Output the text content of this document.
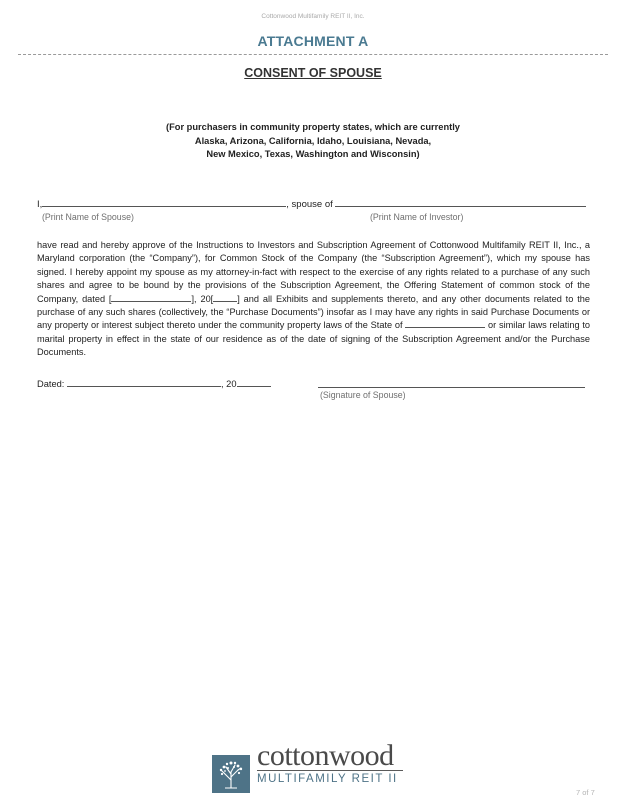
Cottonwood Multifamily REIT II, Inc.
ATTACHMENT A
CONSENT OF SPOUSE
(For purchasers in community property states, which are currently
Alaska, Arizona, California, Idaho, Louisiana, Nevada,
New Mexico, Texas, Washington and Wisconsin)
I,	, spouse of
(Print Name of Spouse)	(Print Name of Investor)

have read and hereby approve of the Instructions to Investors and Subscription Agreement of Cottonwood Multifamily REIT II, Inc., a Maryland corporation (the “Company”), for Common Stock of the Company (the “Subscription Agreement”), which my spouse has signed. I hereby appoint my spouse as my attorney-in-fact with respect to the exercise of any rights related to a purchase of any such shares and agree to be bound by the provisions of the Subscription Agreement, the Offering Statement of common stock of the Company, dated [	], 20[	] and all Exhibits and supplements thereto, and any other documents related to the purchase of any such shares (collectively, the “Purchase Documents”) insofar as I may have any rights in said Purchase Documents or any property or interest subject thereto under the community property laws of the State of	or similar laws relating to marital property in effect in the state of our residence as of the date of signing of the Subscription Agreement and/or the Purchase Documents.

Dated:	, 20
(Signature of Spouse)
cottonwood
MULTIFAMILY REIT II
7 of 7
